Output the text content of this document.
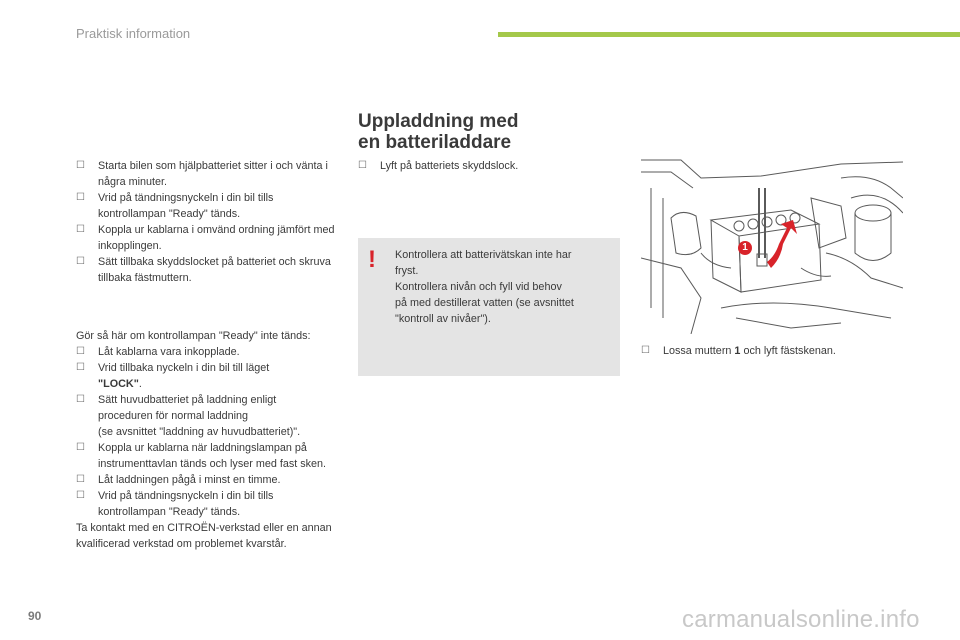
Praktisk information
☐ Starta bilen som hjälpbatteriet sitter i och vänta i några minuter.
☐ Vrid på tändningsnyckeln i din bil tills kontrollampan "Ready" tänds.
☐ Koppla ur kablarna i omvänd ordning jämfört med inkopplingen.
☐ Sätt tillbaka skyddslocket på batteriet och skruva tillbaka fästmuttern.

Gör så här om kontrollampan "Ready" inte tänds:

☐ Låt kablarna vara inkopplade.
☐ Vrid tillbaka nyckeln i din bil till läget
"LOCK".
☐ Sätt huvudbatteriet på laddning enligt
proceduren för normal laddning
(se avsnittet "laddning av huvudbatteriet)".
☐ Koppla ur kablarna när laddningslampan på instrumenttavlan tänds och lyser med fast sken.
☐ Låt laddningen pågå i minst en timme.
☐ Vrid på tändningsnyckeln i din bil tills kontrollampan "Ready" tänds.

Ta kontakt med en CITROËN-verkstad eller en annan kvalificerad verkstad om problemet kvarstår.

Uppladdning med
en batteriladdare
☐ Lyft på batteriets skyddslock.
! Kontrollera att batterivätskan inte har
fryst.
Kontrollera nivån och fyll vid behov
på med destillerat vatten (se avsnittet
"kontroll av nivåer").
1
☐ Lossa muttern 1 och lyft fästskenan.
90	carmanualsonline.info
